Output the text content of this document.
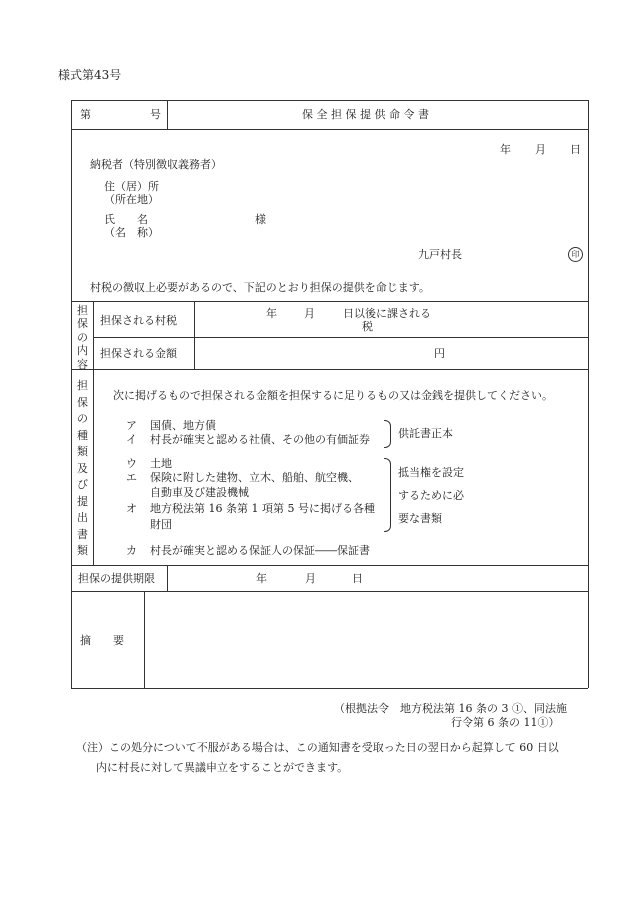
様式第43号
第	号	保 全 担 保 提 供 命 令 書
年 月 日
納税者（特別徴収義務者）
住（居）所
（所在地）
氏　　名	様
（名　称）
九戸村長	印
村税の徴収上必要があるので、下記のとおり担保の提供を命じます。
担
保
の
内
容
担保される村税
年 月	日以後に課される
税
担保される金額	円
担
保
の
種
類
及
び
提
出
書
類
次に掲げるもので担保される金額を担保するに足りるもの又は金銭を提供してください。
ア 国債、地方債
イ 村長が確実と認める社債、その他の有価証券	供託書正本
ウ 土地
エ 保険に附した建物、立木、船舶、航空機、
自動車及び建設機械
オ 地方税法第 16 条第 1 項第 5 号に掲げる各種
財団
抵当権を設定
するために必
要な書類
カ 村長が確実と認める保証人の保証――保証書
担保の提供期限	年	月	日
摘　　要
（根拠法令　地方税法第 16 条の 3 ①、同法施
行令第 6 条の 11①）
（注）この処分について不服がある場合は、この通知書を受取った日の翌日から起算して 60 日以
内に村長に対して異議申立をすることができます。
